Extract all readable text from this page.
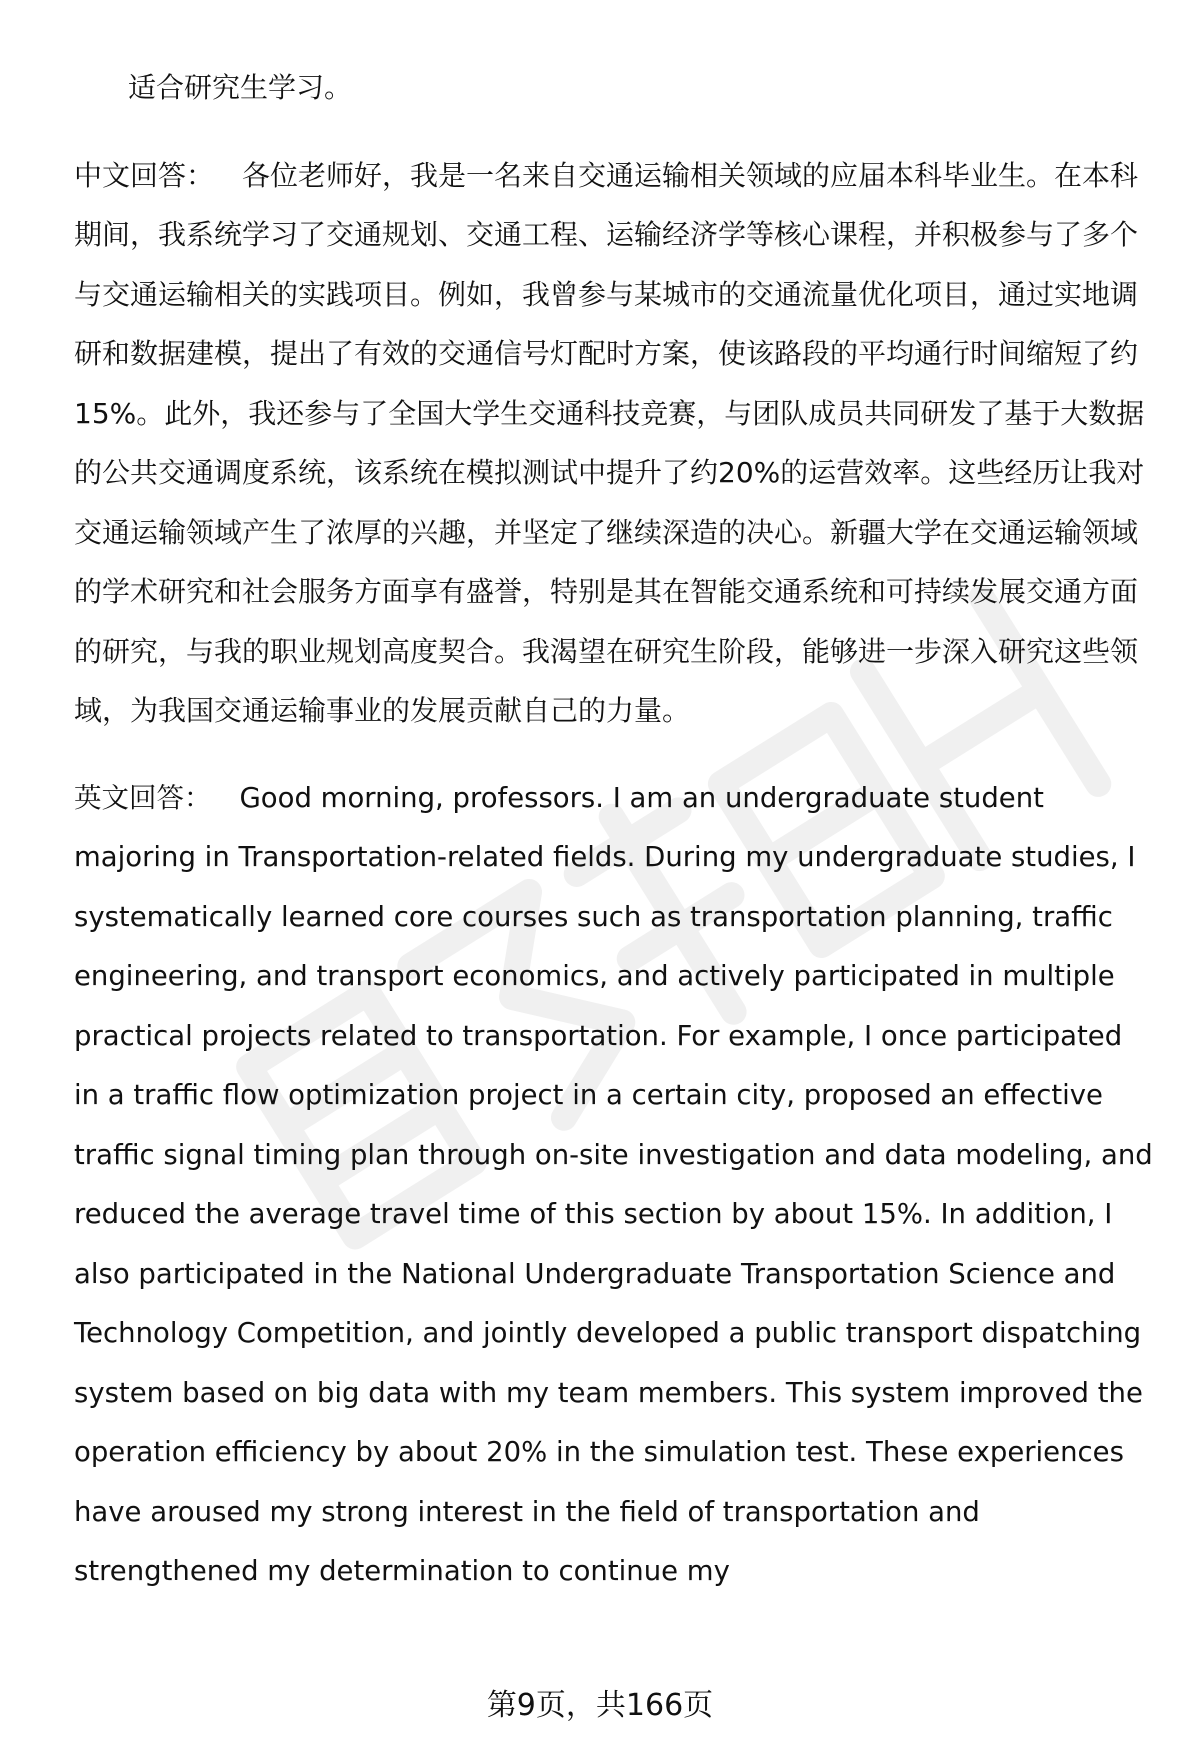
适合研究生学习。

中文回答： 各位老师好，我是一名来自交通运输相关领域的应届本科毕业生。在本科期间，我系统学习了交通规划、交通工程、运输经济学等核心课程，并积极参与了多个与交通运输相关的实践项目。例如，我曾参与某城市的交通流量优化项目，通过实地调研和数据建模，提出了有效的交通信号灯配时方案，使该路段的平均通行时间缩短了约15%。此外，我还参与了全国大学生交通科技竞赛，与团队成员共同研发了基于大数据的公共交通调度系统，该系统在模拟测试中提升了约20%的运营效率。这些经历让我对交通运输领域产生了浓厚的兴趣，并坚定了继续深造的决心。新疆大学在交通运输领域的学术研究和社会服务方面享有盛誉，特别是其在智能交通系统和可持续发展交通方面的研究，与我的职业规划高度契合。我渴望在研究生阶段，能够进一步深入研究这些领域，为我国交通运输事业的发展贡献自己的力量。

英文回答： Good morning, professors. I am an undergraduate student majoring in Transportation-related fields. During my undergraduate studies, I systematically learned core courses such as transportation planning, traffic engineering, and transport economics, and actively participated in multiple practical projects related to transportation. For example, I once participated in a traffic flow optimization project in a certain city, proposed an effective traffic signal timing plan through on-site investigation and data modeling, and reduced the average travel time of this section by about 15%. In addition, I also participated in the National Undergraduate Transportation Science and Technology Competition, and jointly developed a public transport dispatching system based on big data with my team members. This system improved the operation efficiency by about 20% in the simulation test. These experiences have aroused my strong interest in the field of transportation and strengthened my determination to continue my

第9页，共166页
